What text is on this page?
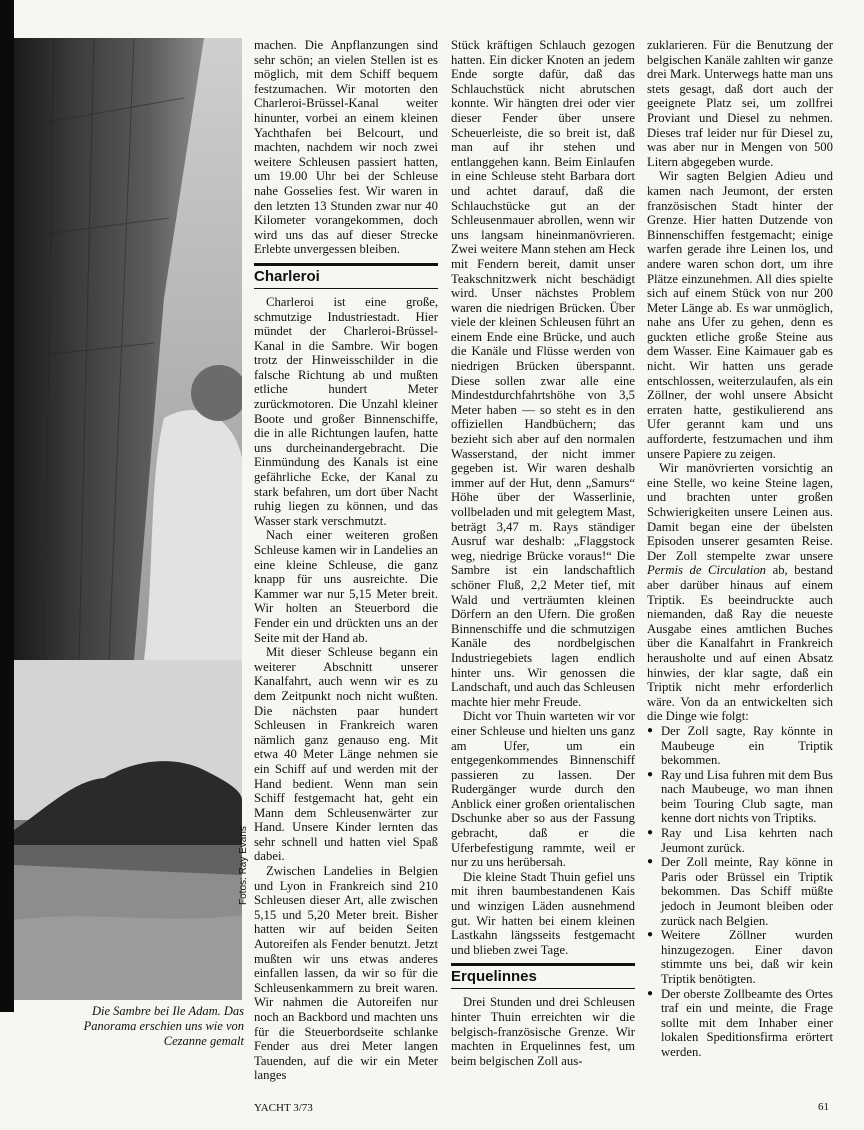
Fotos: Ray Evans
Die Sambre bei Ile Adam. Das Panorama erschien uns wie von Cezanne gemalt

machen. Die Anpflanzungen sind sehr schön; an vielen Stellen ist es möglich, mit dem Schiff bequem festzumachen. Wir motorten den Charleroi-Brüssel-Kanal weiter hinunter, vorbei an einem kleinen Yachthafen bei Belcourt, und machten, nachdem wir noch zwei weitere Schleusen passiert hatten, um 19.00 Uhr bei der Schleuse nahe Gosselies fest. Wir waren in den letzten 13 Stunden zwar nur 40 Kilometer vorangekommen, doch wird uns das auf dieser Strecke Erlebte unvergessen bleiben.

Charleroi

Charleroi ist eine große, schmutzige Industriestadt. Hier mündet der Charleroi-Brüssel-Kanal in die Sambre. Wir bogen trotz der Hinweisschilder in die falsche Richtung ab und mußten etliche hundert Meter zurückmotoren. Die Unzahl kleiner Boote und großer Binnenschiffe, die in alle Richtungen laufen, hatte uns durcheinandergebracht. Die Einmündung des Kanals ist eine gefährliche Ecke, der Kanal zu stark befahren, um dort über Nacht ruhig liegen zu können, und das Wasser stark verschmutzt.

Nach einer weiteren großen Schleuse kamen wir in Landelies an eine kleine Schleuse, die ganz knapp für uns ausreichte. Die Kammer war nur 5,15 Meter breit. Wir holten an Steuerbord die Fender ein und drückten uns an der Seite mit der Hand ab.

Mit dieser Schleuse begann ein weiterer Abschnitt unserer Kanalfahrt, auch wenn wir es zu dem Zeitpunkt noch nicht wußten. Die nächsten paar hundert Schleusen in Frankreich waren nämlich ganz genauso eng. Mit etwa 40 Meter Länge nehmen sie ein Schiff auf und werden mit der Hand bedient. Wenn man sein Schiff festgemacht hat, geht ein Mann dem Schleusenwärter zur Hand. Unsere Kinder lernten das sehr schnell und hatten viel Spaß dabei.

Zwischen Landelies in Belgien und Lyon in Frankreich sind 210 Schleusen dieser Art, alle zwischen 5,15 und 5,20 Meter breit. Bisher hatten wir auf beiden Seiten Autoreifen als Fender benutzt. Jetzt mußten wir uns etwas anderes einfallen lassen, da wir so für die Schleusenkammern zu breit waren. Wir nahmen die Autoreifen nur noch an Backbord und machten uns für die Steuerbordseite schlanke Fender aus drei Meter langen Tauenden, auf die wir ein Meter langes

Stück kräftigen Schlauch gezogen hatten. Ein dicker Knoten an jedem Ende sorgte dafür, daß das Schlauchstück nicht abrutschen konnte. Wir hängten drei oder vier dieser Fender über unsere Scheuerleiste, die so breit ist, daß man auf ihr stehen und entlanggehen kann. Beim Einlaufen in eine Schleuse steht Barbara dort und achtet darauf, daß die Schlauchstücke gut an der Schleusenmauer abrollen, wenn wir uns langsam hineinmanövrieren. Zwei weitere Mann stehen am Heck mit Fendern bereit, damit unser Teakschnitzwerk nicht beschädigt wird. Unser nächstes Problem waren die niedrigen Brücken. Über viele der kleinen Schleusen führt an einem Ende eine Brücke, und auch die Kanäle und Flüsse werden von niedrigen Brücken überspannt. Diese sollen zwar alle eine Mindestdurchfahrtshöhe von 3,5 Meter haben — so steht es in den offiziellen Handbüchern; das bezieht sich aber auf den normalen Wasserstand, der nicht immer gegeben ist. Wir waren deshalb immer auf der Hut, denn „Samurs“ Höhe über der Wasserlinie, vollbeladen und mit gelegtem Mast, beträgt 3,47 m. Rays ständiger Ausruf war deshalb: „Flaggstock weg, niedrige Brücke voraus!“ Die Sambre ist ein landschaftlich schöner Fluß, 2,2 Meter tief, mit Wald und verträumten kleinen Dörfern an den Ufern. Die großen Binnenschiffe und die schmutzigen Kanäle des nordbelgischen Industriegebiets lagen endlich hinter uns. Wir genossen die Landschaft, und auch das Schleusen machte hier mehr Freude.

Dicht vor Thuin warteten wir vor einer Schleuse und hielten uns ganz am Ufer, um ein entgegenkommendes Binnenschiff passieren zu lassen. Der Rudergänger wurde durch den Anblick einer großen orientalischen Dschunke aber so aus der Fassung gebracht, daß er die Uferbefestigung rammte, weil er nur zu uns herübersah.

Die kleine Stadt Thuin gefiel uns mit ihren baumbestandenen Kais und winzigen Läden ausnehmend gut. Wir hatten bei einem kleinen Lastkahn längsseits festgemacht und blieben zwei Tage.

Erquelinnes

Drei Stunden und drei Schleusen hinter Thuin erreichten wir die belgisch-französische Grenze. Wir machten in Erquelinnes fest, um beim belgischen Zoll aus-

zuklarieren. Für die Benutzung der belgischen Kanäle zahlten wir ganze drei Mark. Unterwegs hatte man uns stets gesagt, daß dort auch der geeignete Platz sei, um zollfrei Proviant und Diesel zu nehmen. Dieses traf leider nur für Diesel zu, was aber nur in Mengen von 500 Litern abgegeben wurde.

Wir sagten Belgien Adieu und kamen nach Jeumont, der ersten französischen Stadt hinter der Grenze. Hier hatten Dutzende von Binnenschiffen festgemacht; einige warfen gerade ihre Leinen los, und andere waren schon dort, um ihre Plätze einzunehmen. All dies spielte sich auf einem Stück von nur 200 Meter Länge ab. Es war unmöglich, nahe ans Ufer zu gehen, denn es guckten etliche große Steine aus dem Wasser. Eine Kaimauer gab es nicht. Wir hatten uns gerade entschlossen, weiterzulaufen, als ein Zöllner, der wohl unsere Absicht erraten hatte, gestikulierend ans Ufer gerannt kam und uns aufforderte, festzumachen und ihm unsere Papiere zu zeigen.

Wir manövrierten vorsichtig an eine Stelle, wo keine Steine lagen, und brachten unter großen Schwierigkeiten unsere Leinen aus. Damit began eine der übelsten Episoden unserer gesamten Reise. Der Zoll stempelte zwar unsere Permis de Circulation ab, bestand aber darüber hinaus auf einem Triptik. Es beeindruckte auch niemanden, daß Ray die neueste Ausgabe eines amtlichen Buches über die Kanalfahrt in Frankreich herausholte und auf einen Absatz hinwies, der klar sagte, daß ein Triptik nicht mehr erforderlich wäre. Von da an entwickelten sich die Dinge wie folgt:

● Der Zoll sagte, Ray könnte in Maubeuge ein Triptik bekommen.
● Ray und Lisa fuhren mit dem Bus nach Maubeuge, wo man ihnen beim Touring Club sagte, man kenne dort nichts von Triptiks.
● Ray und Lisa kehrten nach Jeumont zurück.
● Der Zoll meinte, Ray könne in Paris oder Brüssel ein Triptik bekommen. Das Schiff müßte jedoch in Jeumont bleiben oder zurück nach Belgien.
● Weitere Zöllner wurden hinzugezogen. Einer davon stimmte uns bei, daß wir kein Triptik benötigten.
● Der oberste Zollbeamte des Ortes traf ein und meinte, die Frage sollte mit dem Inhaber einer lokalen Speditionsfirma erörtert werden.
YACHT 3/73	61
